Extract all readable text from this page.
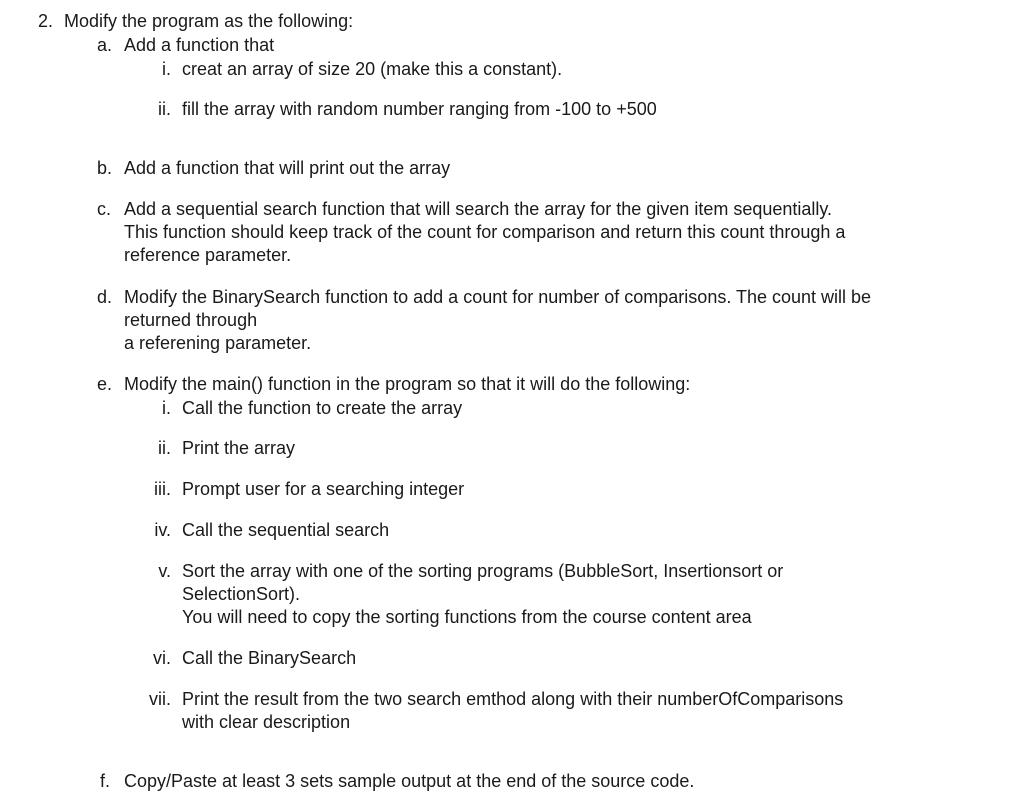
2. Modify the program as the following:
a. Add a function that
i. creat an array of size 20 (make this a constant).
ii. fill the array with random number ranging from -100 to +500
b. Add a function that will print out the array
c. Add a sequential search function that will search the array for the given item sequentially.
This function should keep track of the count for comparison and return this count through a
reference parameter.
d. Modify the BinarySearch function to add a count for number of comparisons. The count will be
returned through
a referening parameter.
e. Modify the main() function in the program so that it will do the following:
i. Call the function to create the array
ii. Print the array
iii. Prompt user for a searching integer
iv. Call the sequential search
v. Sort the array with one of the sorting programs (BubbleSort, Insertionsort or
SelectionSort).
You will need to copy the sorting functions from the course content area
vi. Call the BinarySearch
vii. Print the result from the two search emthod along with their numberOfComparisons
with clear description
f. Copy/Paste at least 3 sets sample output at the end of the source code.
